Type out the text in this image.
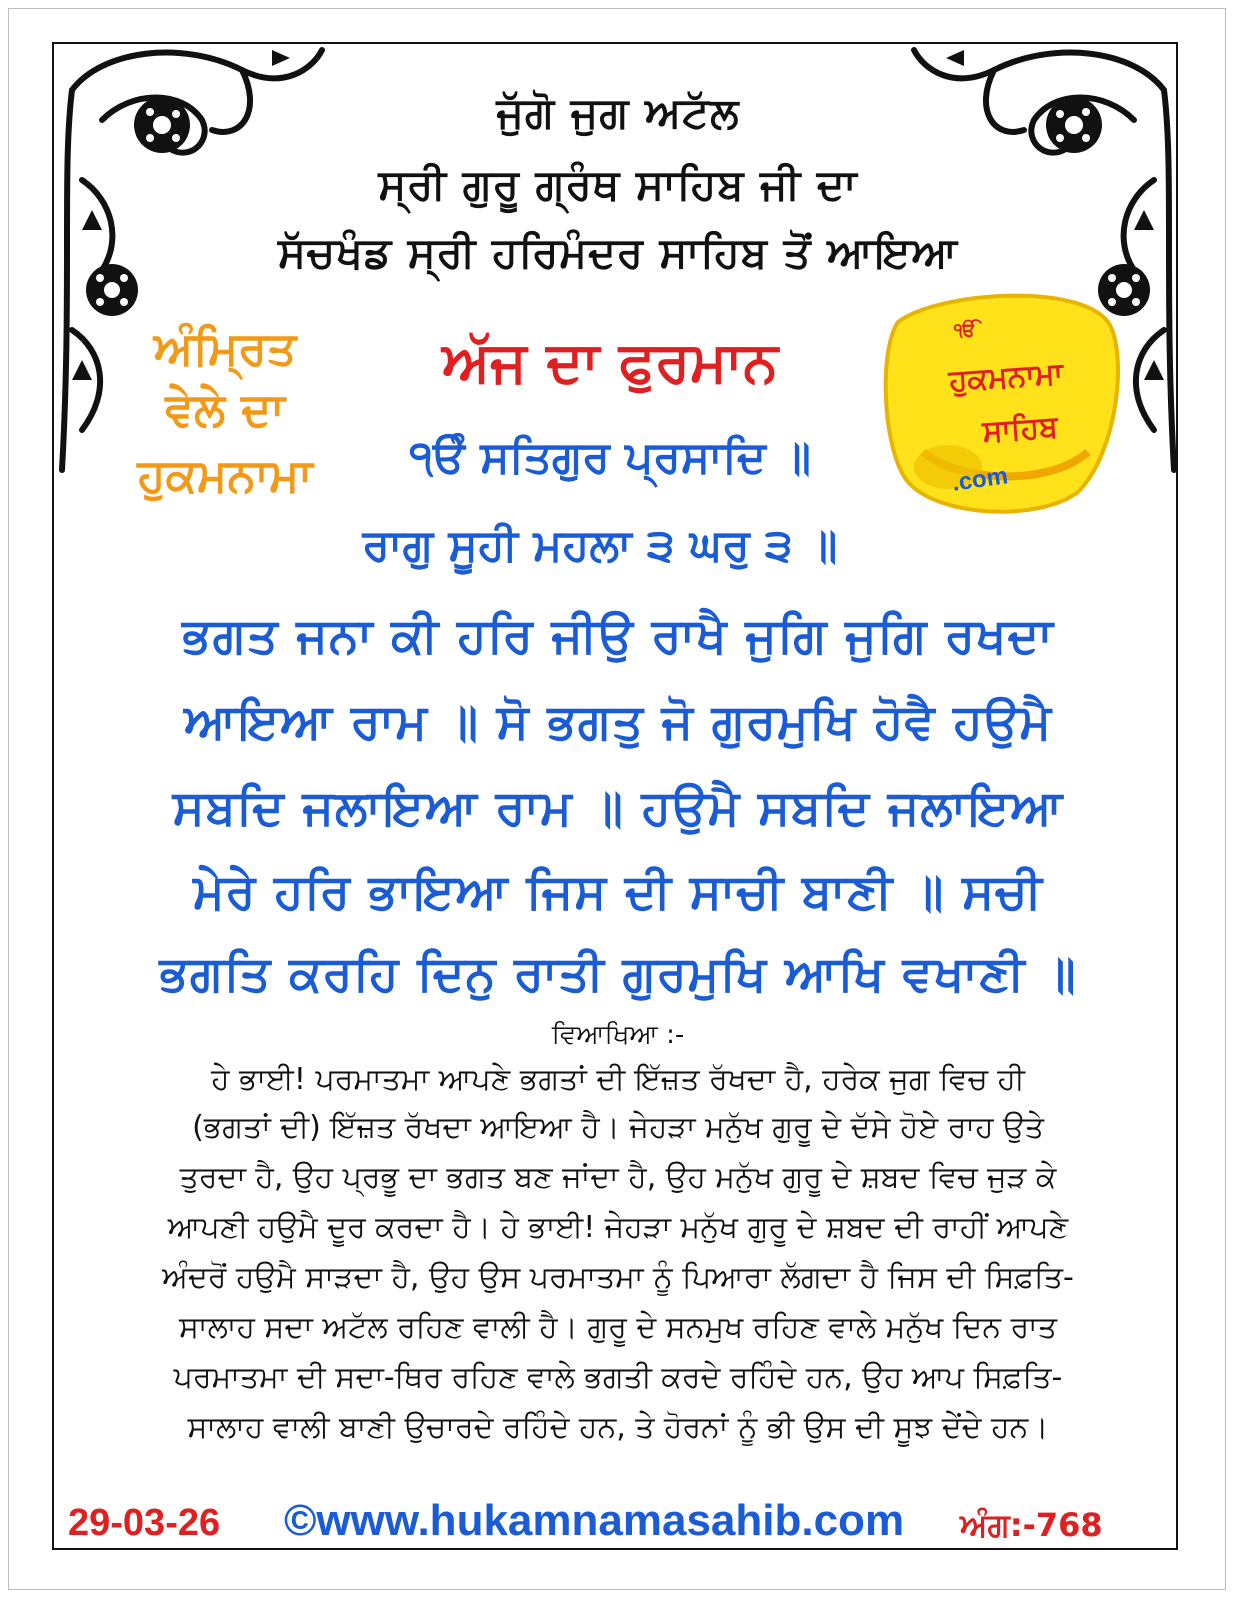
ਜੁੱਗੋ ਜੁਗ ਅਟੱਲ
ਸ੍ਰੀ ਗੁਰੂ ਗ੍ਰੰਥ ਸਾਹਿਬ ਜੀ ਦਾ
ਸੱਚਖੰਡ ਸ੍ਰੀ ਹਰਿਮੰਦਰ ਸਾਹਿਬ ਤੋਂ ਆਇਆ
ਅੰਮ੍ਰਿਤ
ਵੇਲੇ ਦਾ
ਹੁਕਮਨਾਮਾ
ਅੱਜ ਦਾ ਫੁਰਮਾਨ	ੴ
ਹੁਕਮਨਾਮਾ
ਸਾਹਿਬ
.com
੧ੳੰ ਸਤਿਗੁਰ ਪ੍ਰਸਾਦਿ ॥
ਰਾਗੁ ਸੂਹੀ ਮਹਲਾ ੩ ਘਰੁ ੩ ॥
ਭਗਤ ਜਨਾ ਕੀ ਹਰਿ ਜੀਉ ਰਾਖੈ ਜੁਗਿ ਜੁਗਿ ਰਖਦਾ
ਆਇਆ ਰਾਮ ॥ ਸੋ ਭਗਤੁ ਜੋ ਗੁਰਮੁਖਿ ਹੋਵੈ ਹਉਮੈ
ਸਬਦਿ ਜਲਾਇਆ ਰਾਮ ॥ ਹਉਮੈ ਸਬਦਿ ਜਲਾਇਆ
ਮੇਰੇ ਹਰਿ ਭਾਇਆ ਜਿਸ ਦੀ ਸਾਚੀ ਬਾਣੀ ॥ ਸਚੀ
ਭਗਤਿ ਕਰਹਿ ਦਿਨੁ ਰਾਤੀ ਗੁਰਮੁਖਿ ਆਖਿ ਵਖਾਣੀ ॥
ਵਿਆਖਿਆ :-
ਹੇ ਭਾਈ! ਪਰਮਾਤਮਾ ਆਪਣੇ ਭਗਤਾਂ ਦੀ ਇੱਜ਼ਤ ਰੱਖਦਾ ਹੈ, ਹਰੇਕ ਜੁਗ ਵਿਚ ਹੀ
(ਭਗਤਾਂ ਦੀ) ਇੱਜ਼ਤ ਰੱਖਦਾ ਆਇਆ ਹੈ। ਜੇਹੜਾ ਮਨੁੱਖ ਗੁਰੂ ਦੇ ਦੱਸੇ ਹੋਏ ਰਾਹ ਉਤੇ
ਤੁਰਦਾ ਹੈ, ਉਹ ਪ੍ਰਭੂ ਦਾ ਭਗਤ ਬਣ ਜਾਂਦਾ ਹੈ, ਉਹ ਮਨੁੱਖ ਗੁਰੂ ਦੇ ਸ਼ਬਦ ਵਿਚ ਜੁੜ ਕੇ
ਆਪਣੀ ਹਉਮੈ ਦੂਰ ਕਰਦਾ ਹੈ। ਹੇ ਭਾਈ! ਜੇਹੜਾ ਮਨੁੱਖ ਗੁਰੂ ਦੇ ਸ਼ਬਦ ਦੀ ਰਾਹੀਂ ਆਪਣੇ
ਅੰਦਰੋਂ ਹਉਮੈ ਸਾੜਦਾ ਹੈ, ਉਹ ਉਸ ਪਰਮਾਤਮਾ ਨੂੰ ਪਿਆਰਾ ਲੱਗਦਾ ਹੈ ਜਿਸ ਦੀ ਸਿਫ਼ਤਿ-
ਸਾਲਾਹ ਸਦਾ ਅਟੱਲ ਰਹਿਣ ਵਾਲੀ ਹੈ। ਗੁਰੂ ਦੇ ਸਨਮੁਖ ਰਹਿਣ ਵਾਲੇ ਮਨੁੱਖ ਦਿਨ ਰਾਤ
ਪਰਮਾਤਮਾ ਦੀ ਸਦਾ-ਥਿਰ ਰਹਿਣ ਵਾਲੇ ਭਗਤੀ ਕਰਦੇ ਰਹਿੰਦੇ ਹਨ, ਉਹ ਆਪ ਸਿਫ਼ਤਿ-
ਸਾਲਾਹ ਵਾਲੀ ਬਾਣੀ ਉਚਾਰਦੇ ਰਹਿੰਦੇ ਹਨ, ਤੇ ਹੋਰਨਾਂ ਨੂੰ ਭੀ ਉਸ ਦੀ ਸੂਝ ਦੇਂਦੇ ਹਨ।
29-03-26 ©www.hukamnamasahib.com ਅੰਗ:-768
